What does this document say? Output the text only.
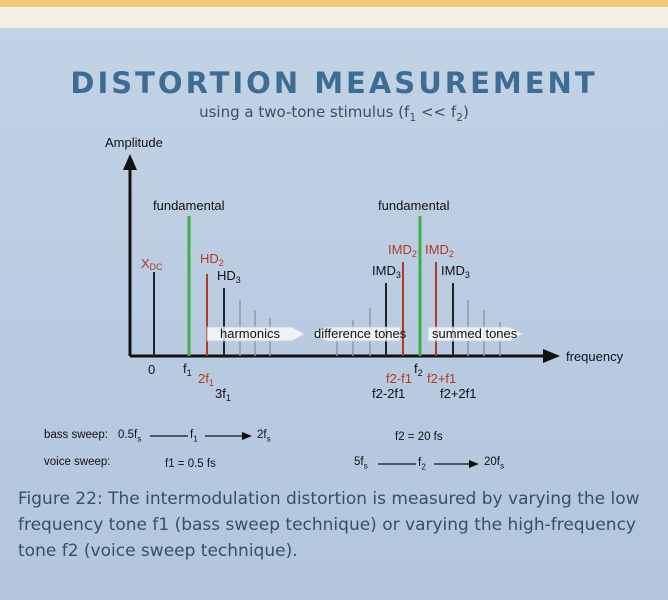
DISTORTION MEASUREMENT
using a two-tone stimulus $(f_1 << f_2)$
Amplitude
frequency
0
harmonics	difference tones summed tones
fundamental	fundamental
XDC
$HD_2$
$HD_3$
$IMD_3$
$IMD_2$ $IMD_2$
$IMD_3$
$f_1$ $2f_1$
$3f_1$
$f_2$
f2-f1 f2+f1
f2-2f1	f2+2f1
bass sweep: $0.5f_s$	$f_1$	$2f_s$	f2 = 20 fs
voice sweep:	f1 = 0.5 fs	$5f_s$	$f_2$	$20f_s$
Figure 22: The intermodulation distortion is measured by varying the low frequency tone f1 (bass sweep technique) or varying the high-frequency tone f2 (voice sweep technique).
